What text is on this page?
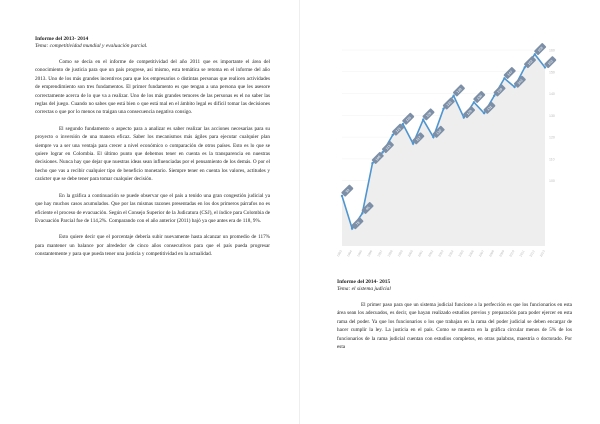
Informe del 2013- 2014
Tema: competitividad mundial y evaluación parcial.

Como se decía en el informe de competitividad del año 2011 que es importante el área del conocimiento de justicia para que un país progrese, así mismo, esta temática se retoma en el informe del año 2013. Uno de los más grandes incentivos para que los empresarios o distintas personas que realicen actividades de emprendimiento son tres fundamentos. El primer fundamento es que tengan a una persona que les asesore correctamente acerca de lo que va a realizar. Uno de los más grandes temores de las personas es el no saber las reglas del juego. Cuando no sabes que está bien o que está mal en el ámbito legal es difícil tomar las decisiones correctas o que por lo menos no traigan una consecuencia negativa consigo.

El segundo fundamento o aspecto para a analizar es saber realizar las acciones necesarias para su proyecto o inversión de una manera eficaz. Saber los mecanismos más ágiles para ejecutar cualquier plan siempre va a ser una ventaja para crecer a nivel económico o comparación de otros países. Esto es lo que se quiere lograr en Colombia. El último punto que debemos tener en cuenta es la transparencia en nuestras decisiones. Nunca hay que dejar que nuestras ideas sean influenciadas por el pensamiento de los demás. O por el hecho que vas a recibir cualquier tipo de beneficio monetario. Siempre tener en cuenta los valores, actitudes y carácter que se debe tener para tomar cualquier decisión.

En la gráfica a continuación se puede observar que el país a tenido una gran congestión judicial ya que hay muchos casos acumulados. Que por las mismas razones presentadas en los dos primeros párrafos no es eficiente el proceso de evacuación. Según el Consejo Superior de la Judicatura (CSJ), el índice para Colombia de Evacuación Parcial fue de 114,2%. Comparando con el año anterior (2011) bajó ya que antes era de 118, 9%.

Esto quiere decir que el porcentaje debería subir nuevamente hasta alcanzar un promedio de 117% para mantener un balance por alrededor de cinco años consecutivos para que el país pueda progresar constantemente y para que pueda tener una justicia y competitividad en la actualidad.

100
110
120
130
140
150
160
93
78
85
108
113
121
126
117
128
120
133
139
129
136
131
139
147
143
152
158
152
1993 1994 1995 1996 1997 1998 1999 2000 2001 2002 2003 2004 2005 2006 2007 2008 2009 2010 2011 2012 2013
Informe del 2014- 2015
Tema: el sistema judicial

El primer paso para que un sistema judicial funcione a la perfección es que los funcionarios en esta área sean los adecuados, es decir, que hayan realizado estudios previos y preparación para poder ejercer en esta rama del poder. Ya que los funcionarios o los que trabajan en la rama del poder judicial se deben encargar de hacer cumplir la ley. La justicia en el país. Como se muestra en la gráfica circular menos de 5% de los funcionarios de la rama judicial cuentan con estudios completos, en otras palabras, maestría o doctorado. Por esta
